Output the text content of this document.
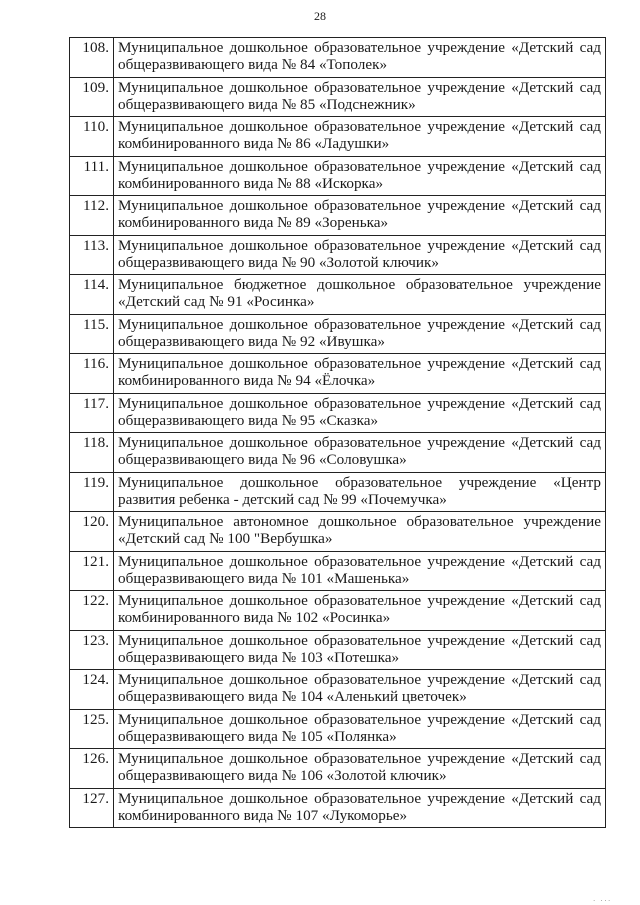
28
108.	Муниципальное дошкольное образовательное учреждение «Детский сад
общеразвивающего вида № 84 «Тополек»

109.	Муниципальное дошкольное образовательное учреждение «Детский сад
общеразвивающего вида № 85 «Подснежник»

110.	Муниципальное дошкольное образовательное учреждение «Детский сад
комбинированного вида № 86 «Ладушки»

111.	Муниципальное дошкольное образовательное учреждение «Детский сад
комбинированного вида № 88 «Искорка»

112.	Муниципальное дошкольное образовательное учреждение «Детский сад
комбинированного вида № 89 «Зоренька»

113.	Муниципальное дошкольное образовательное учреждение «Детский сад
общеразвивающего вида № 90 «Золотой ключик»

114.	Муниципальное бюджетное дошкольное образовательное учреждение
«Детский сад № 91 «Росинка»

115.	Муниципальное дошкольное образовательное учреждение «Детский сад
общеразвивающего вида № 92 «Ивушка»

116.	Муниципальное дошкольное образовательное учреждение «Детский сад
комбинированного вида № 94 «Ёлочка»

117.	Муниципальное дошкольное образовательное учреждение «Детский сад
общеразвивающего вида № 95 «Сказка»

118.	Муниципальное дошкольное образовательное учреждение «Детский сад
общеразвивающего вида № 96 «Соловушка»

119.	Муниципальное дошкольное образовательное учреждение «Центр
развития ребенка - детский сад № 99 «Почемучка»

120.	Муниципальное автономное дошкольное образовательное учреждение
«Детский сад № 100 "Вербушка»

121.	Муниципальное дошкольное образовательное учреждение «Детский сад
общеразвивающего вида № 101 «Машенька»

122.	Муниципальное дошкольное образовательное учреждение «Детский сад
комбинированного вида № 102 «Росинка»

123.	Муниципальное дошкольное образовательное учреждение «Детский сад
общеразвивающего вида № 103 «Потешка»

124.	Муниципальное дошкольное образовательное учреждение «Детский сад
общеразвивающего вида № 104 «Аленький цветочек»

125.	Муниципальное дошкольное образовательное учреждение «Детский сад
общеразвивающего вида № 105 «Полянка»

126.	Муниципальное дошкольное образовательное учреждение «Детский сад
общеразвивающего вида № 106 «Золотой ключик»

127.	Муниципальное дошкольное образовательное учреждение «Детский сад
комбинированного вида № 107 «Лукоморье»
. ...
